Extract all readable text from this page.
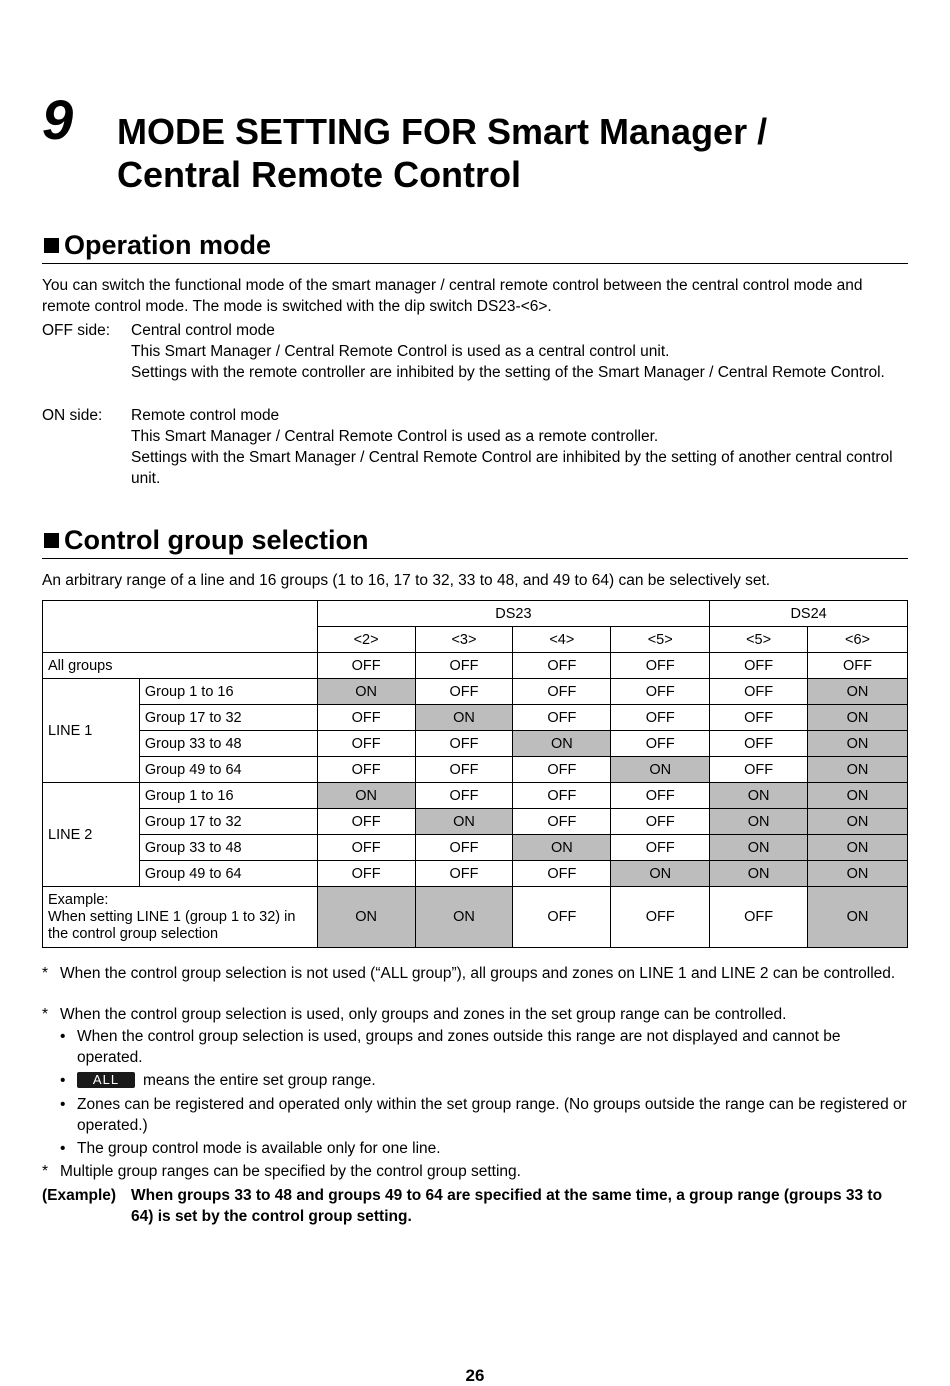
9 MODE SETTING FOR Smart Manager /
Central Remote Control
Operation mode
You can switch the functional mode of the smart manager / central remote control between the central control mode and remote control mode. The mode is switched with the dip switch DS23-<6>.
OFF side: Central control mode
This Smart Manager / Central Remote Control is used as a central control unit.
Settings with the remote controller are inhibited by the setting of the Smart Manager / Central Remote Control.
ON side: Remote control mode
This Smart Manager / Central Remote Control is used as a remote controller.
Settings with the Smart Manager / Central Remote Control are inhibited by the setting of another central control unit.
Control group selection
An arbitrary range of a line and 16 groups (1 to 16, 17 to 32, 33 to 48, and 49 to 64) can be selectively set.
		DS23				DS24	
		<2>	<3>	<4>	<5>	<5>	<6>
All groups		OFF	OFF	OFF	OFF	OFF	OFF
LINE 1	Group 1 to 16	ON	OFF	OFF	OFF	OFF	ON
	Group 17 to 32	OFF	ON	OFF	OFF	OFF	ON
	Group 33 to 48	OFF	OFF	ON	OFF	OFF	ON
	Group 49 to 64	OFF	OFF	OFF	ON	OFF	ON
LINE 2	Group 1 to 16	ON	OFF	OFF	OFF	ON	ON
	Group 17 to 32	OFF	ON	OFF	OFF	ON	ON
	Group 33 to 48	OFF	OFF	ON	OFF	ON	ON
	Group 49 to 64	OFF	OFF	OFF	ON	ON	ON

Example:
When setting LINE 1 (group 1 to 32) in the control group selection		ON	ON	OFF	OFF	OFF	ON
* When the control group selection is not used (“ALL group”), all groups and zones on LINE 1 and LINE 2 can be controlled.
* When the control group selection is used, only groups and zones in the set group range can be controlled.
• When the control group selection is used, groups and zones outside this range are not displayed and cannot be operated.
•	ALL means the entire set group range.
• Zones can be registered and operated only within the set group range. (No groups outside the range can be registered or operated.)
• The group control mode is available only for one line.
* Multiple group ranges can be specified by the control group setting.
(Example) When groups 33 to 48 and groups 49 to 64 are specified at the same time, a group range (groups 33 to 64) is set by the control group setting.
26
